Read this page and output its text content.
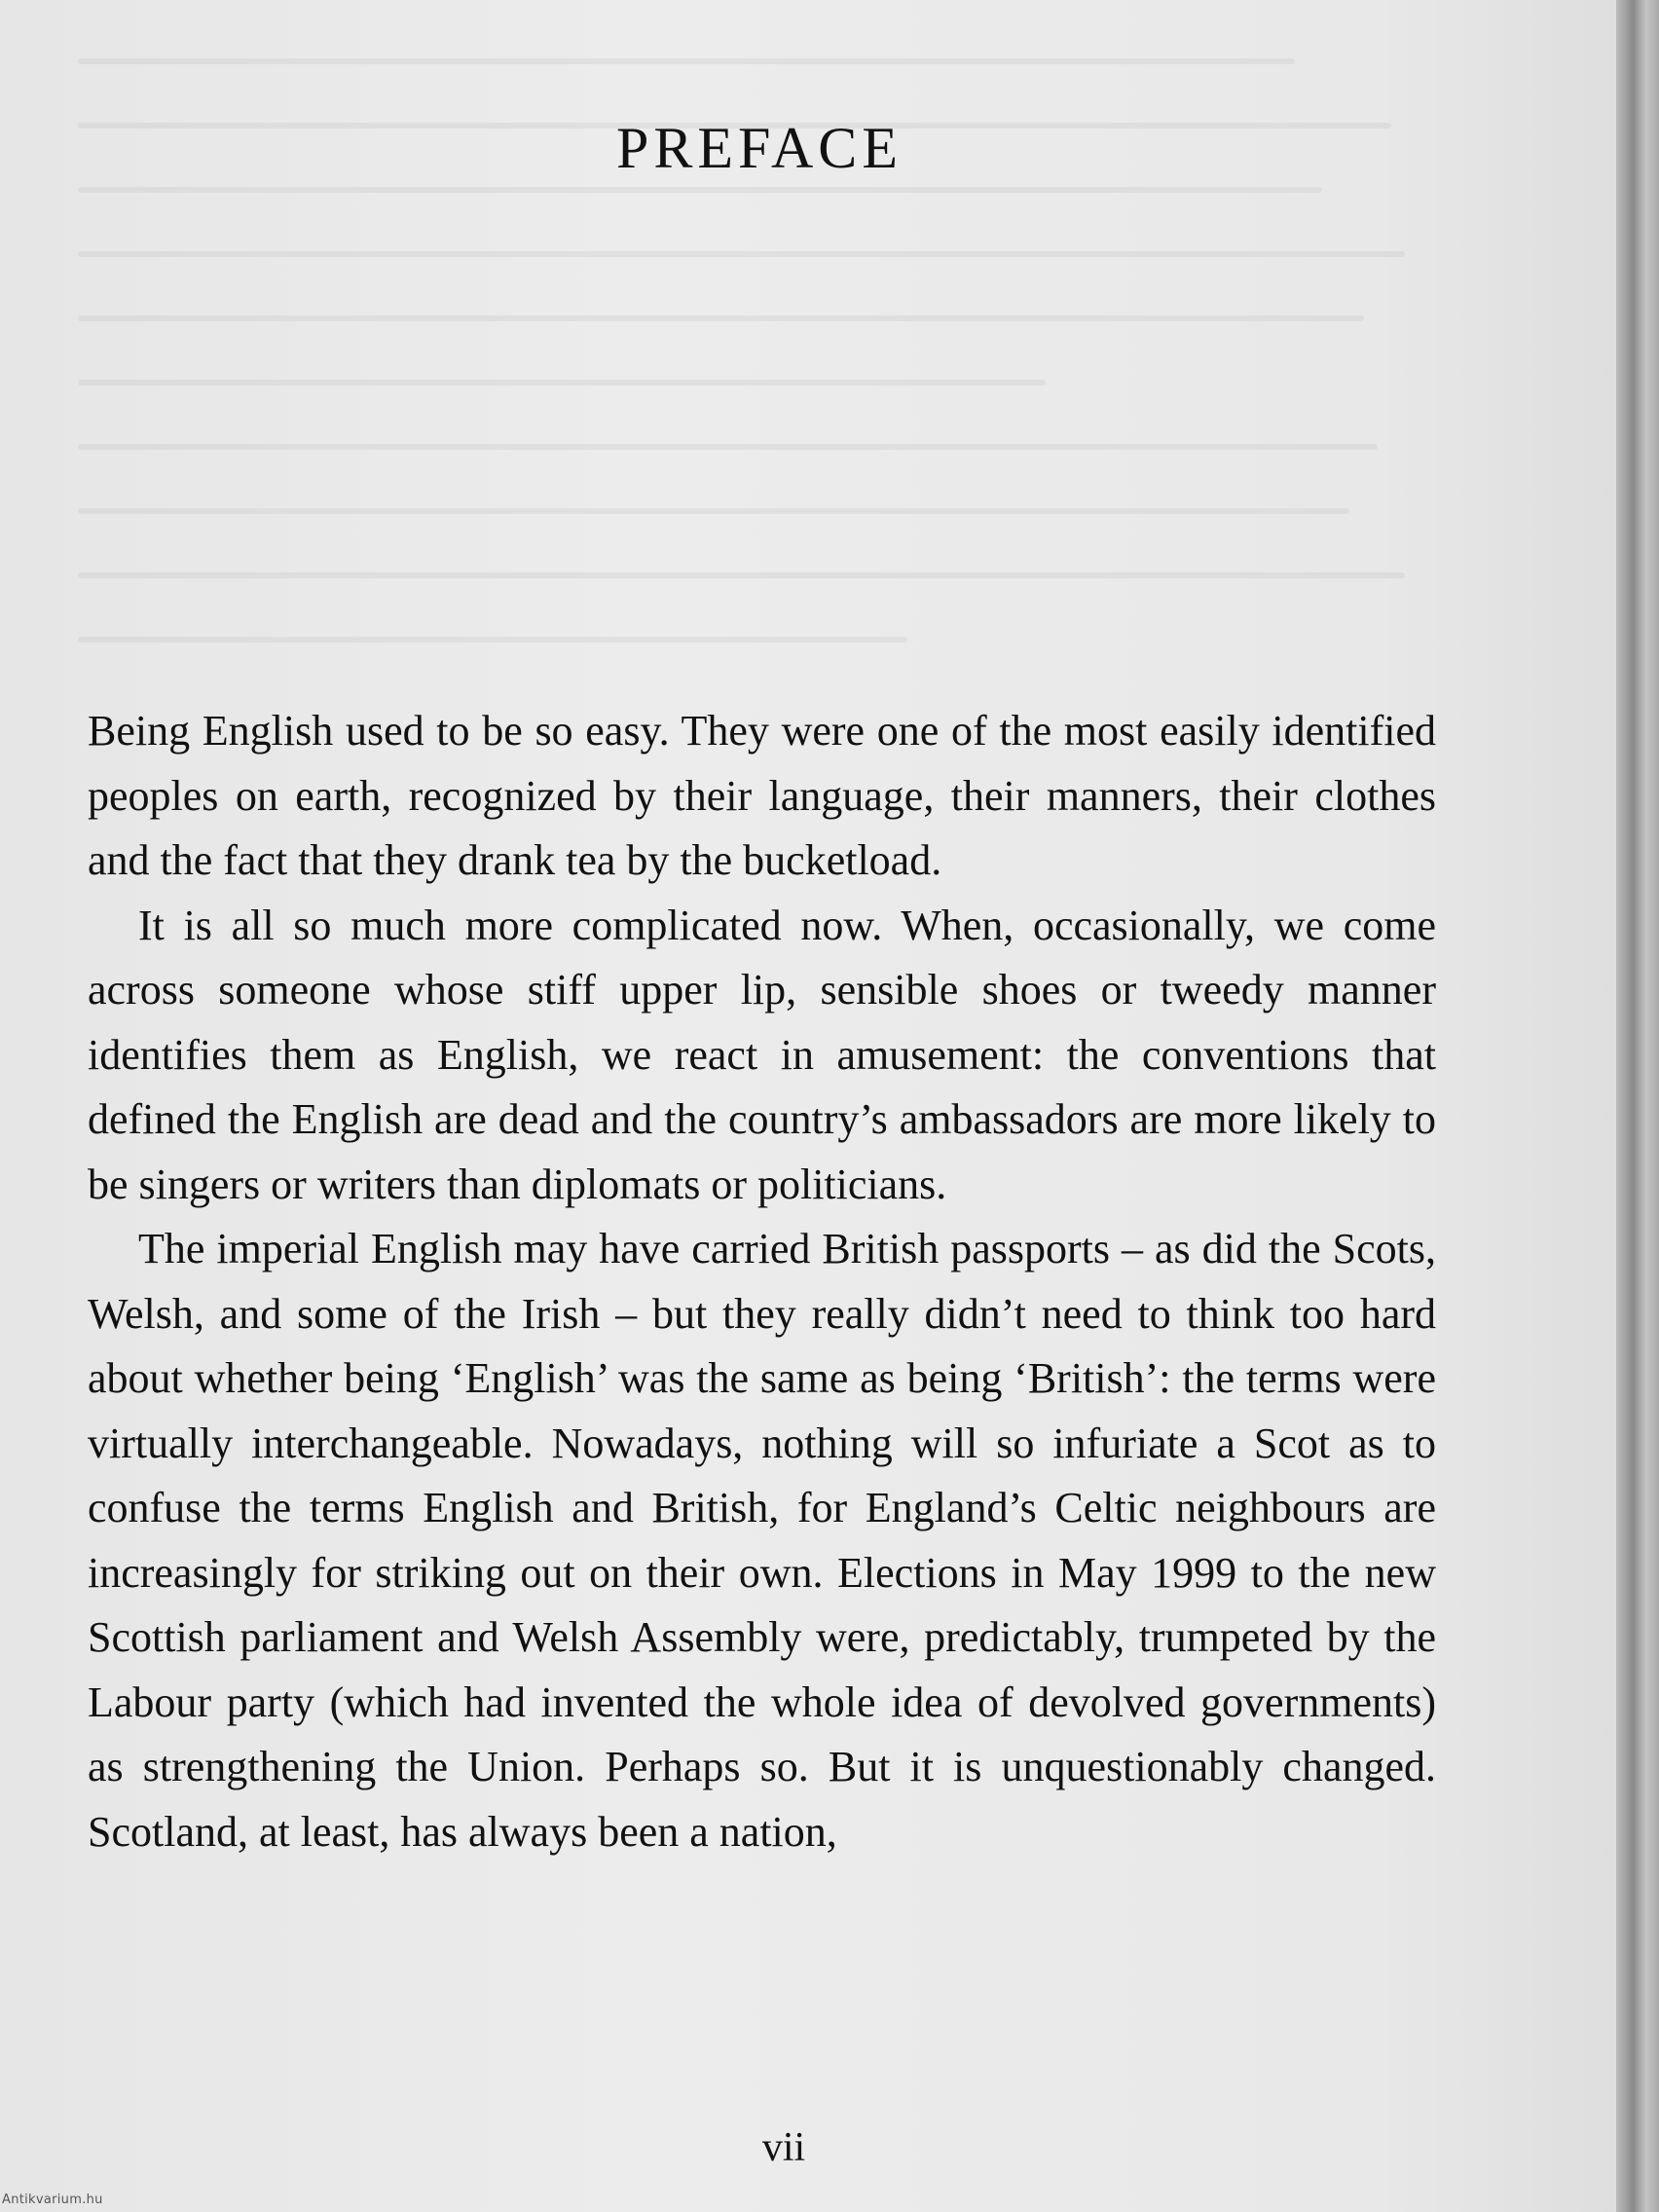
PREFACE

Being English used to be so easy. They were one of the most easily identified peoples on earth, recognized by their language, their manners, their clothes and the fact that they drank tea by the bucketload.

It is all so much more complicated now. When, occasionally, we come across someone whose stiff upper lip, sensible shoes or tweedy manner identifies them as English, we react in amusement: the conventions that defined the English are dead and the country’s ambassadors are more likely to be singers or writers than diplomats or politicians.

The imperial English may have carried British passports – as did the Scots, Welsh, and some of the Irish – but they really didn’t need to think too hard about whether being ‘English’ was the same as being ‘British’: the terms were virtually interchangeable. Nowadays, nothing will so infuriate a Scot as to confuse the terms English and British, for England’s Celtic neighbours are increasingly for striking out on their own. Elections in May 1999 to the new Scottish parliament and Welsh Assembly were, predictably, trumpeted by the Labour party (which had invented the whole idea of devolved governments) as strengthening the Union. Perhaps so. But it is unquestionably changed. Scotland, at least, has always been a nation,

vii
Antikvarium.hu
